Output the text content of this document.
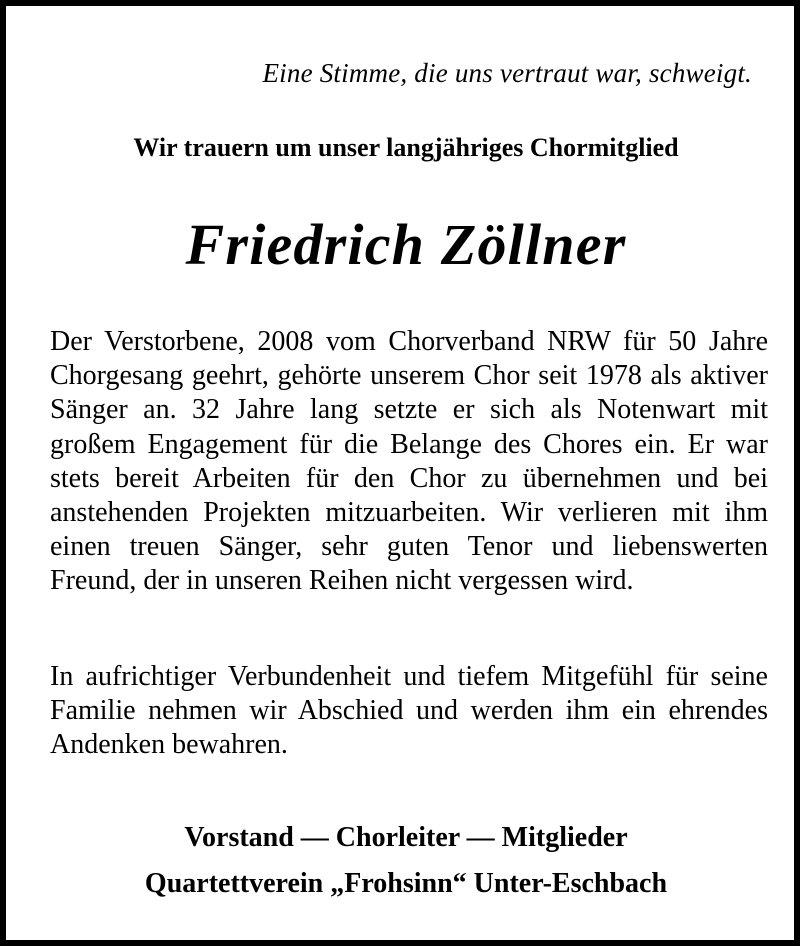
Eine Stimme, die uns vertraut war, schweigt.
Wir trauern um unser langjähriges Chormitglied
Friedrich Zöllner
Der Verstorbene, 2008 vom Chorverband NRW für 50 Jahre Chorgesang geehrt, gehörte unserem Chor seit 1978 als aktiver Sänger an. 32 Jahre lang setzte er sich als Notenwart mit großem Engagement für die Belange des Chores ein. Er war stets bereit Arbeiten für den Chor zu übernehmen und bei anstehenden Projekten mitzuarbeiten. Wir verlieren mit ihm einen treuen Sänger, sehr guten Tenor und liebenswerten Freund, der in unseren Reihen nicht vergessen wird.
In aufrichtiger Verbundenheit und tiefem Mitgefühl für seine Familie nehmen wir Abschied und werden ihm ein ehrendes Andenken bewahren.
Vorstand — Chorleiter — Mitglieder
Quartettverein „Frohsinn“ Unter-Eschbach
